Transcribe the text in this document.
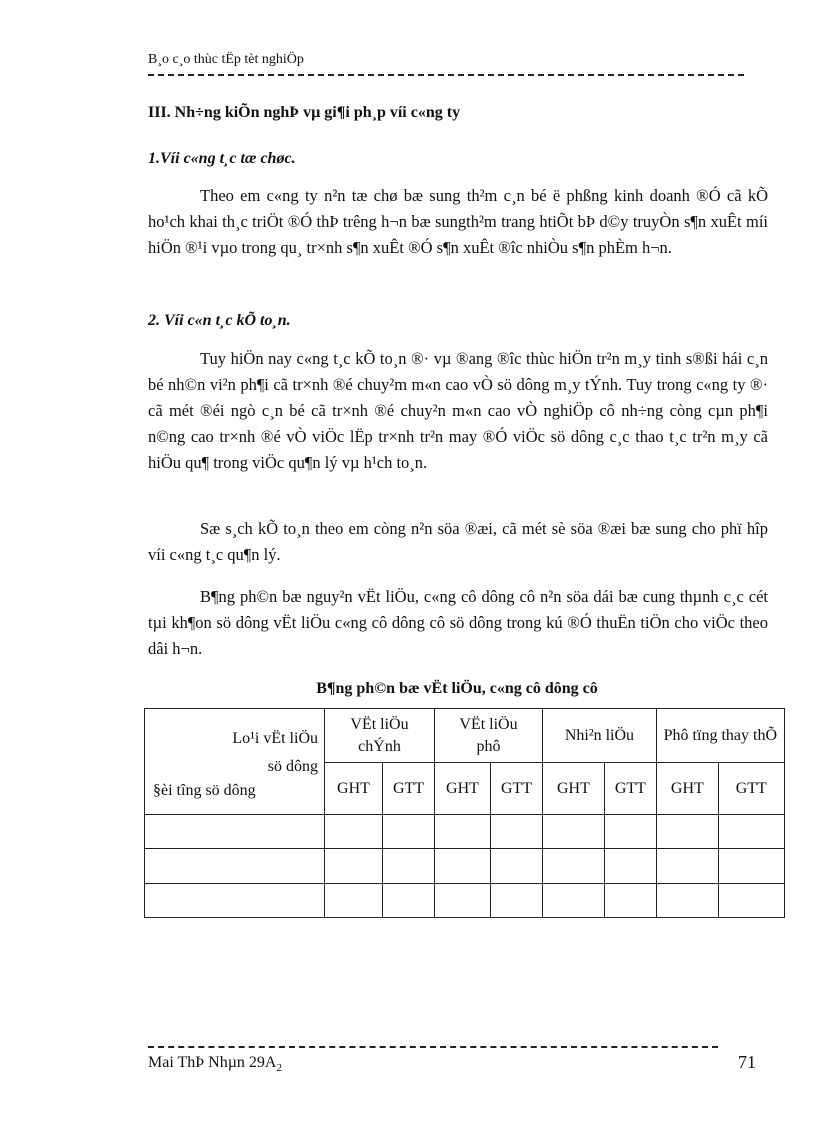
B¸o c¸o thùc tËp tèt nghiÖp
III. Nh÷ng kiÕn nghÞ vµ gi¶i ph¸p víi c«ng ty
1.Víi c«ng t¸c tæ chøc.

Theo em c«ng ty n²n tæ chø bæ sung th²m c¸n bé ë phßng kinh doanh ®Ó cã kÕ ho¹ch khai th¸c triÖt ®Ó thÞ trêng h¬n bæ sungth²m trang htiÕt bÞ d©y truyÒn s¶n xuÊt míi hiÖn ®¹i vµo trong qu¸ tr×nh s¶n xuÊt ®Ó s¶n xuÊt ®îc nhiÒu s¶n phÈm h¬n.

2. Víi c«n t¸c kÕ to¸n.

Tuy hiÖn nay c«ng t¸c kÕ to¸n ®· vµ ®ang ®îc thùc hiÖn tr²n m¸y tinh s®ßi hái c¸n bé nh©n vi²n ph¶i cã tr×nh ®é chuy²m m«n cao vÒ sö dông m¸y tÝnh. Tuy trong c«ng ty ®· cã mét ®éi ngò c¸n bé cã tr×nh ®é chuy²n m«n cao vÒ nghiÖp cô nh÷ng còng cµn ph¶i n©ng cao tr×nh ®é vÒ viÖc lËp tr×nh tr²n may ®Ó viÖc sö dông c¸c thao t¸c tr²n m¸y cã hiÖu qu¶ trong viÖc qu¶n lý vµ h¹ch to¸n.

Sæ s¸ch kÕ to¸n theo em còng n²n söa ®æi, cã mét sè söa ®æi bæ sung cho phï hîp víi c«ng t¸c qu¶n lý.

B¶ng ph©n bæ nguy²n vËt liÖu, c«ng cô dông cô n²n söa dái bæ cung thµnh c¸c cét tµi kh¶on sö dông vËt liÖu c«ng cô dông cô sö dông trong kú ®Ó thuËn tiÖn cho viÖc theo dâi h¬n.

B¶ng ph©n bæ vËt liÖu, c«ng cô dông cô
Lo¹i vËt liÖu
sö dông
§èi tîng sö dông	VËt liÖu chÝnh		VËt liÖu phô		Nhi²n liÖu		Phô tïng thay thÕ	
	GHT	GTT	GHT	GTT	GHT	GTT	GHT	GTT

Mai ThÞ Nhµn $29A_2$	71
